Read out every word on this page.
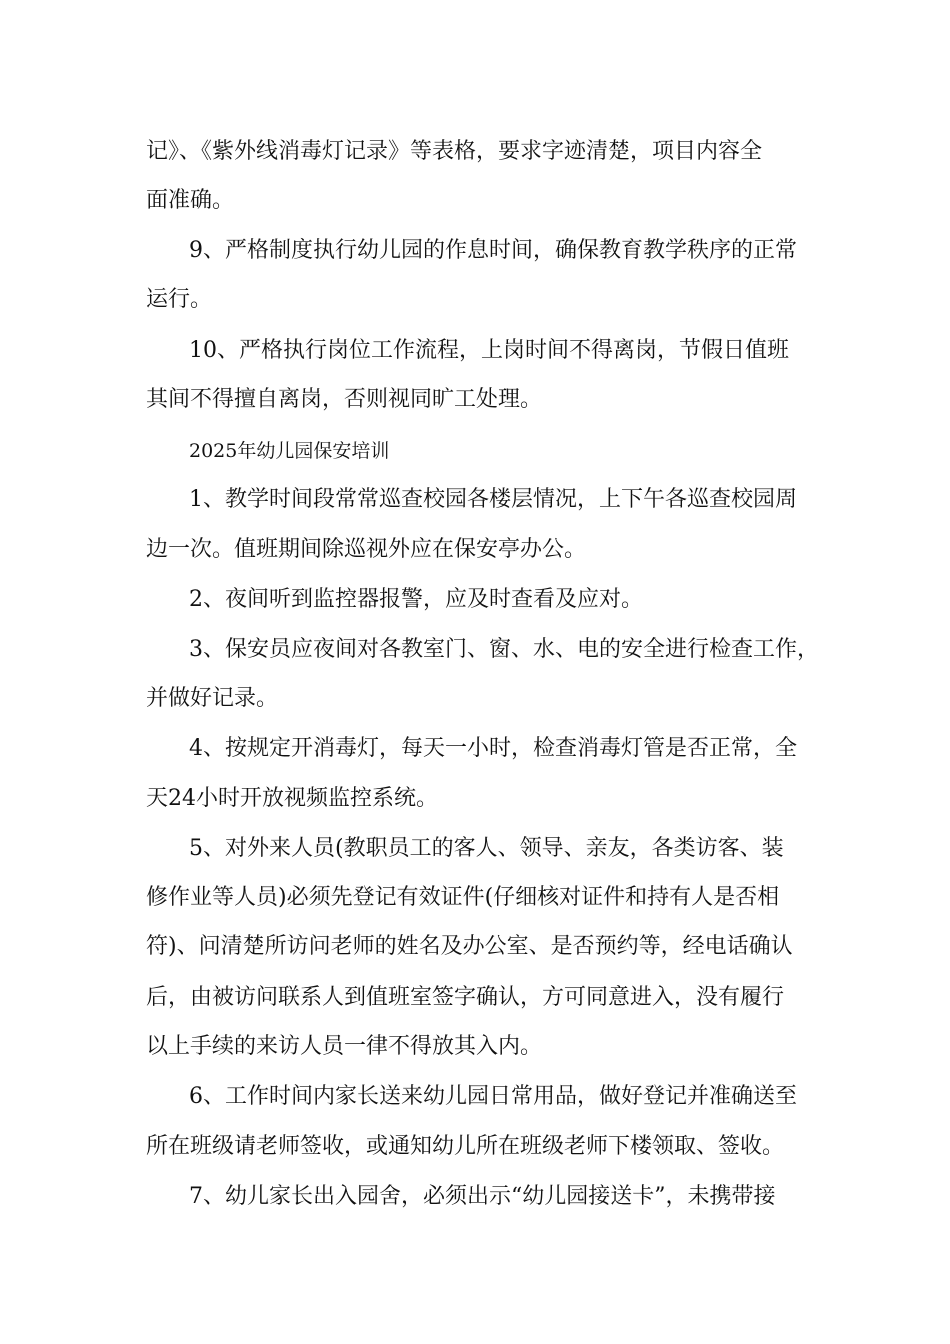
记》、《紫外线消毒灯记录》等表格，要求字迹清楚，项目内容全

面准确。

9、严格制度执行幼儿园的作息时间，确保教育教学秩序的正常

运行。

10、严格执行岗位工作流程，上岗时间不得离岗，节假日值班

其间不得擅自离岗，否则视同旷工处理。

2025年幼儿园保安培训

1、教学时间段常常巡查校园各楼层情况，上下午各巡查校园周

边一次。值班期间除巡视外应在保安亭办公。

2、夜间听到监控器报警，应及时查看及应对。

3、保安员应夜间对各教室门、窗、水、电的安全进行检查工作，

并做好记录。

4、按规定开消毒灯，每天一小时，检查消毒灯管是否正常，全

天24小时开放视频监控系统。

5、对外来人员(教职员工的客人、领导、亲友，各类访客、装

修作业等人员)必须先登记有效证件(仔细核对证件和持有人是否相

符)、问清楚所访问老师的姓名及办公室、是否预约等，经电话确认

后，由被访问联系人到值班室签字确认，方可同意进入，没有履行

以上手续的来访人员一律不得放其入内。

6、工作时间内家长送来幼儿园日常用品，做好登记并准确送至

所在班级请老师签收，或通知幼儿所在班级老师下楼领取、签收。

7、幼儿家长出入园舍，必须出示“幼儿园接送卡”，未携带接
